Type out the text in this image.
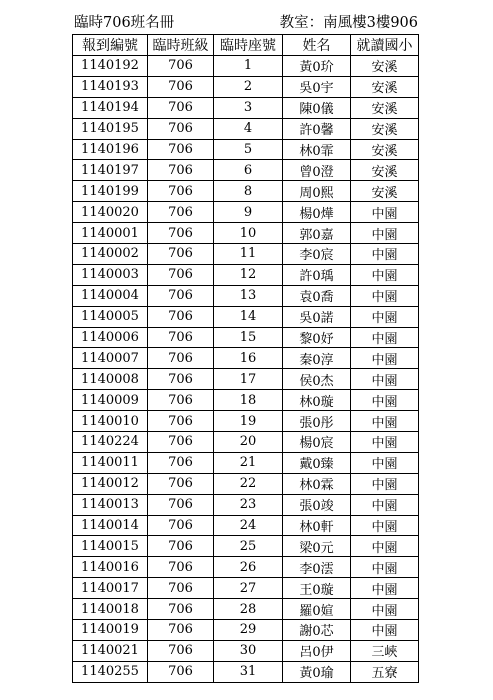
臨時706班名冊	教室：南風樓3樓906
報到編號	臨時班級	臨時座號	姓名	就讀國小
1140192	706	1	黃0玠	安溪
1140193	706	2	吳0宇	安溪
1140194	706	3	陳0儀	安溪
1140195	706	4	許0馨	安溪
1140196	706	5	林0霏	安溪
1140197	706	6	曾0澄	安溪
1140199	706	8	周0熙	安溪
1140020	706	9	楊0燁	中園
1140001	706	10	郭0嘉	中園
1140002	706	11	李0宸	中園
1140003	706	12	許0瑀	中園
1140004	706	13	袁0喬	中園
1140005	706	14	吳0諾	中園
1140006	706	15	黎0妤	中園
1140007	706	16	秦0淳	中園
1140008	706	17	侯0杰	中園
1140009	706	18	林0璇	中園
1140010	706	19	張0彤	中園
1140224	706	20	楊0宸	中園
1140011	706	21	戴0臻	中園
1140012	706	22	林0霖	中園
1140013	706	23	張0竣	中園
1140014	706	24	林0軒	中園
1140015	706	25	梁0元	中園
1140016	706	26	李0澐	中園
1140017	706	27	王0璇	中園
1140018	706	28	羅0媗	中園
1140019	706	29	謝0芯	中園
1140021	706	30	呂0伊	三峽
1140255	706	31	黃0瑜	五寮
